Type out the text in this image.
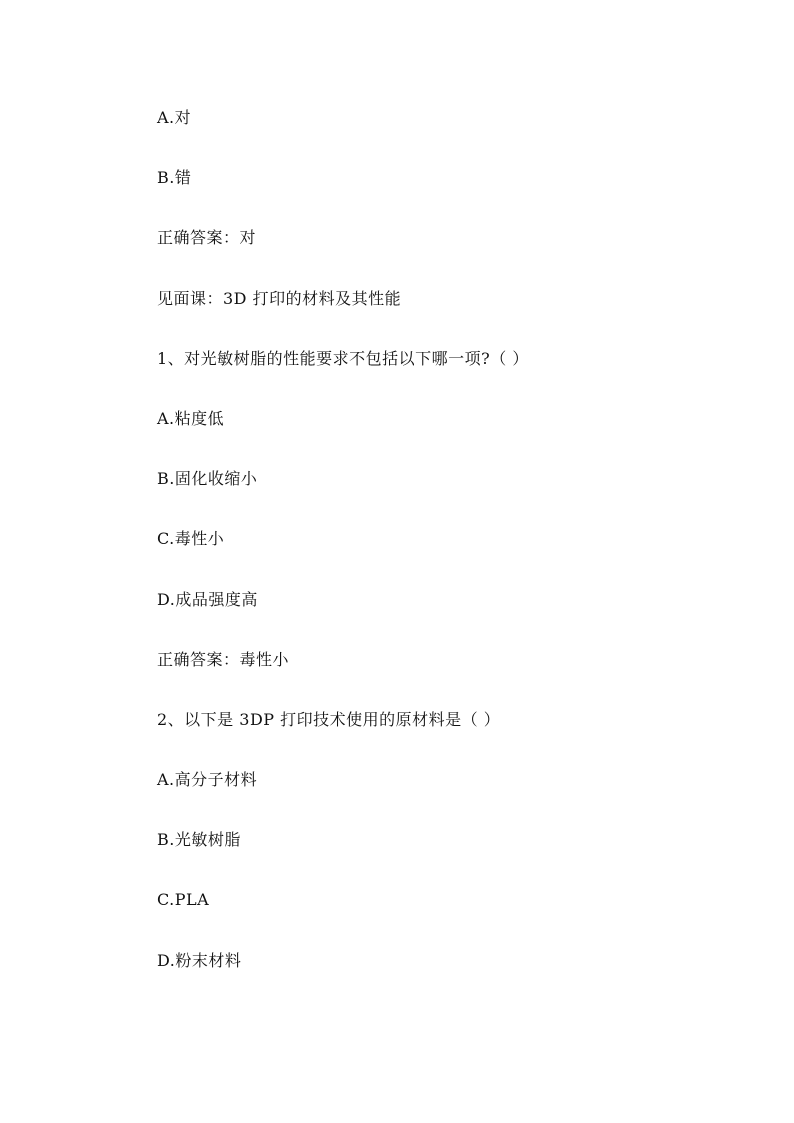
A.对

B.错

正确答案：对

见面课：3D 打印的材料及其性能

1、对光敏树脂的性能要求不包括以下哪一项?（ ）

A.粘度低

B.固化收缩小

C.毒性小

D.成品强度高

正确答案：毒性小

2、以下是 3DP 打印技术使用的原材料是（ ）

A.高分子材料

B.光敏树脂

C.PLA

D.粉末材料
